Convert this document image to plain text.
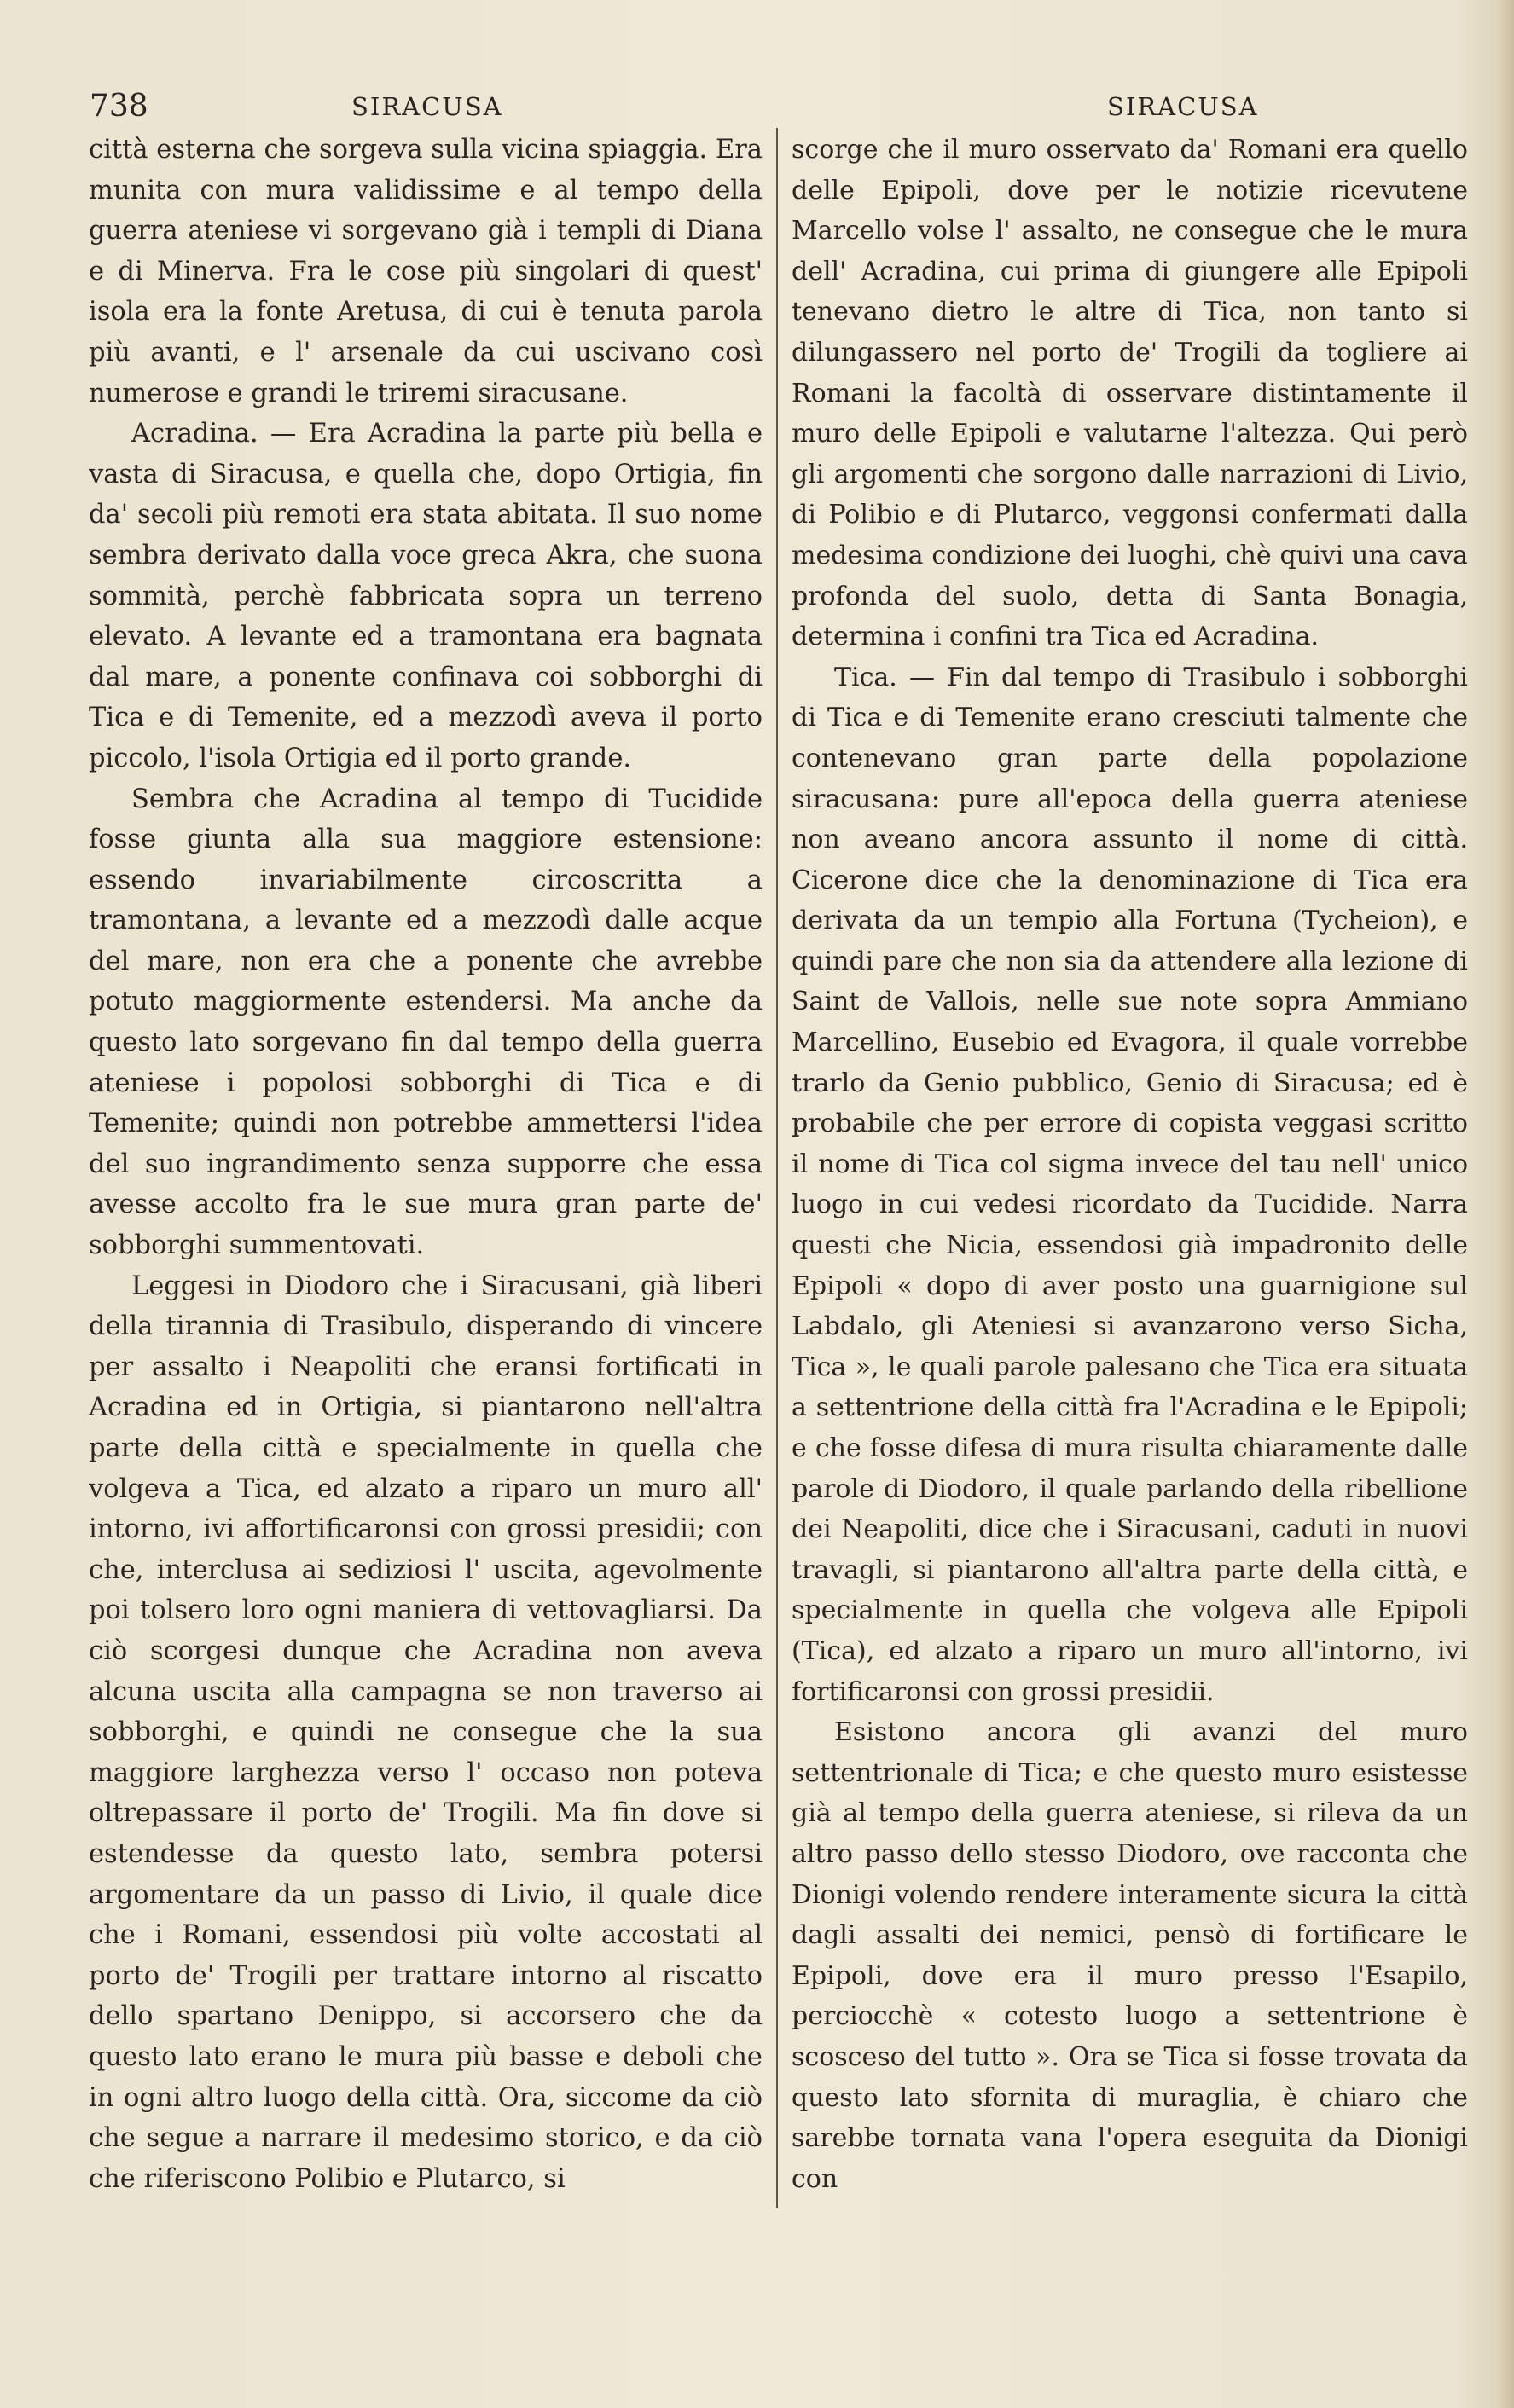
738	SIRACUSA	SIRACUSA

città esterna che sorgeva sulla vicina spiaggia. Era munita con mura validissime e al tempo della guerra ateniese vi sorgevano già i templi di Diana e di Minerva. Fra le cose più singolari di quest' isola era la fonte Aretusa, di cui è tenuta parola più avanti, e l' arsenale da cui uscivano così numerose e grandi le triremi siracusane.

Acradina. — Era Acradina la parte più bella e vasta di Siracusa, e quella che, dopo Ortigia, fin da' secoli più remoti era stata abitata. Il suo nome sembra derivato dalla voce greca Akra, che suona sommità, perchè fabbricata sopra un terreno elevato. A levante ed a tramontana era bagnata dal mare, a ponente confinava coi sobborghi di Tica e di Temenite, ed a mezzodì aveva il porto piccolo, l'isola Ortigia ed il porto grande.

Sembra che Acradina al tempo di Tucidide fosse giunta alla sua maggiore estensione: essendo invariabilmente circoscritta a tramontana, a levante ed a mezzodì dalle acque del mare, non era che a ponente che avrebbe potuto maggiormente estendersi. Ma anche da questo lato sorgevano fin dal tempo della guerra ateniese i popolosi sobborghi di Tica e di Temenite; quindi non potrebbe ammettersi l'idea del suo ingrandimento senza supporre che essa avesse accolto fra le sue mura gran parte de' sobborghi summentovati.

Leggesi in Diodoro che i Siracusani, già liberi della tirannia di Trasibulo, disperando di vincere per assalto i Neapoliti che eransi fortificati in Acradina ed in Ortigia, si piantarono nell'altra parte della città e specialmente in quella che volgeva a Tica, ed alzato a riparo un muro all' intorno, ivi affortificaronsi con grossi presidii; con che, interclusa ai sediziosi l' uscita, agevolmente poi tolsero loro ogni maniera di vettovagliarsi. Da ciò scorgesi dunque che Acradina non aveva alcuna uscita alla campagna se non traverso ai sobborghi, e quindi ne consegue che la sua maggiore larghezza verso l' occaso non poteva oltrepassare il porto de' Trogili. Ma fin dove si estendesse da questo lato, sembra potersi argomentare da un passo di Livio, il quale dice che i Romani, essendosi più volte accostati al porto de' Trogili per trattare intorno al riscatto dello spartano Denippo, si accorsero che da questo lato erano le mura più basse e deboli che in ogni altro luogo della città. Ora, siccome da ciò che segue a narrare il medesimo storico, e da ciò che riferiscono Polibio e Plutarco, si

scorge che il muro osservato da' Romani era quello delle Epipoli, dove per le notizie ricevutene Marcello volse l' assalto, ne consegue che le mura dell' Acradina, cui prima di giungere alle Epipoli tenevano dietro le altre di Tica, non tanto si dilungassero nel porto de' Trogili da togliere ai Romani la facoltà di osservare distintamente il muro delle Epipoli e valutarne l'altezza. Qui però gli argomenti che sorgono dalle narrazioni di Livio, di Polibio e di Plutarco, veggonsi confermati dalla medesima condizione dei luoghi, chè quivi una cava profonda del suolo, detta di Santa Bonagia, determina i confini tra Tica ed Acradina.

Tica. — Fin dal tempo di Trasibulo i sobborghi di Tica e di Temenite erano cresciuti talmente che contenevano gran parte della popolazione siracusana: pure all'epoca della guerra ateniese non aveano ancora assunto il nome di città. Cicerone dice che la denominazione di Tica era derivata da un tempio alla Fortuna (Tycheion), e quindi pare che non sia da attendere alla lezione di Saint de Vallois, nelle sue note sopra Ammiano Marcellino, Eusebio ed Evagora, il quale vorrebbe trarlo da Genio pubblico, Genio di Siracusa; ed è probabile che per errore di copista veggasi scritto il nome di Tica col sigma invece del tau nell' unico luogo in cui vedesi ricordato da Tucidide. Narra questi che Nicia, essendosi già impadronito delle Epipoli « dopo di aver posto una guarnigione sul Labdalo, gli Ateniesi si avanzarono verso Sicha, Tica », le quali parole palesano che Tica era situata a settentrione della città fra l'Acradina e le Epipoli; e che fosse difesa di mura risulta chiaramente dalle parole di Diodoro, il quale parlando della ribellione dei Neapoliti, dice che i Siracusani, caduti in nuovi travagli, si piantarono all'altra parte della città, e specialmente in quella che volgeva alle Epipoli (Tica), ed alzato a riparo un muro all'intorno, ivi fortificaronsi con grossi presidii.

Esistono ancora gli avanzi del muro settentrionale di Tica; e che questo muro esistesse già al tempo della guerra ateniese, si rileva da un altro passo dello stesso Diodoro, ove racconta che Dionigi volendo rendere interamente sicura la città dagli assalti dei nemici, pensò di fortificare le Epipoli, dove era il muro presso l'Esapilo, perciocchè « cotesto luogo a settentrione è scosceso del tutto ». Ora se Tica si fosse trovata da questo lato sfornita di muraglia, è chiaro che sarebbe tornata vana l'opera eseguita da Dionigi con
